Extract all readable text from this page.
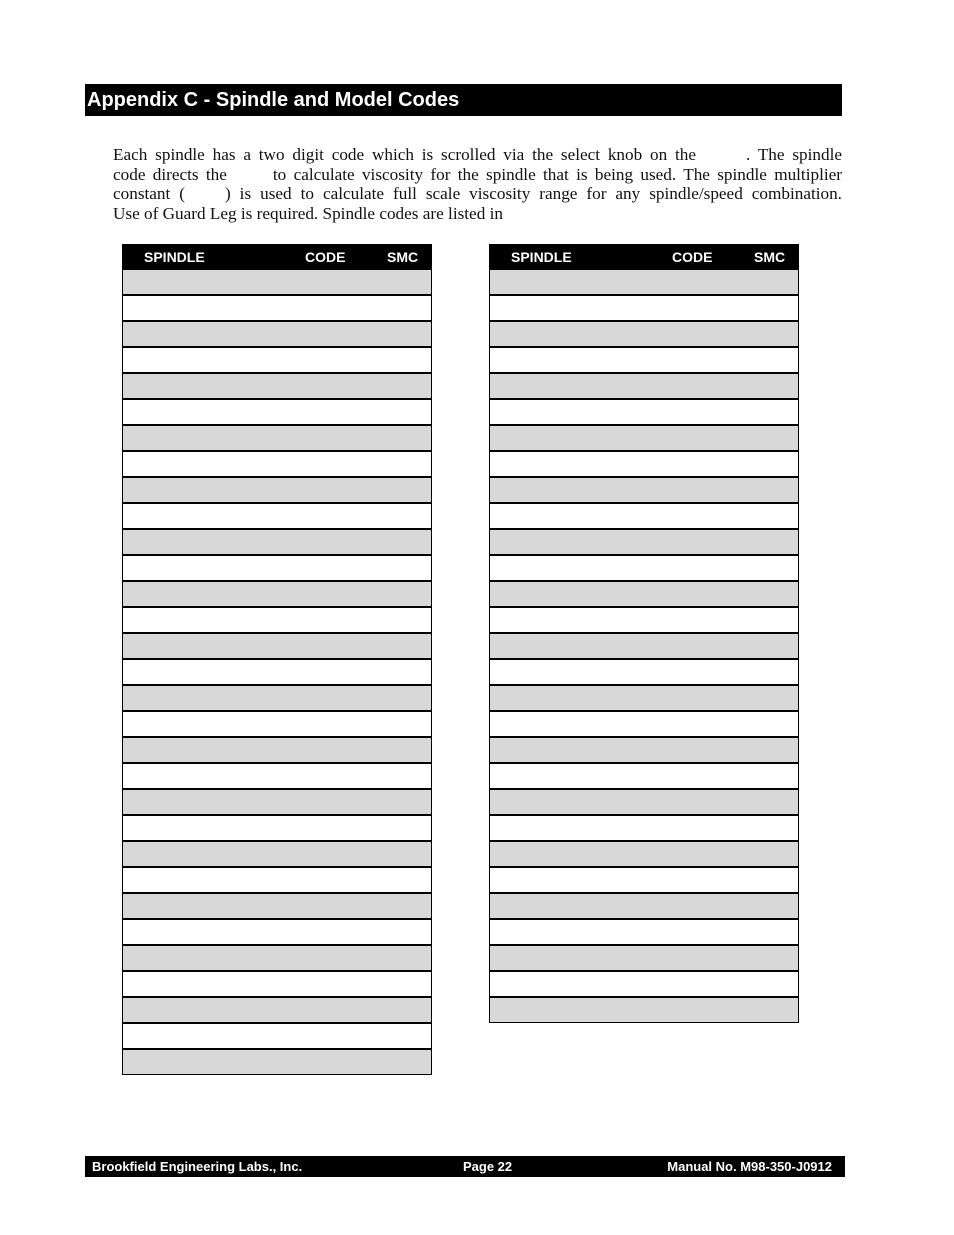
Appendix C - Spindle and Model Codes
Each spindle has a two digit code which is scrolled via the select knob on the	. The spindle
code directs the	to calculate viscosity for the spindle that is being used. The spindle multiplier
constant ( ) is used to calculate full scale viscosity range for any spindle/speed combination.
Use of Guard Leg is required. Spindle codes are listed in
SPINDLE	CODE	SMC	SPINDLE	CODE	SMC
Brookfield Engineering Labs., Inc.	Page 22	Manual No. M98-350-J0912
